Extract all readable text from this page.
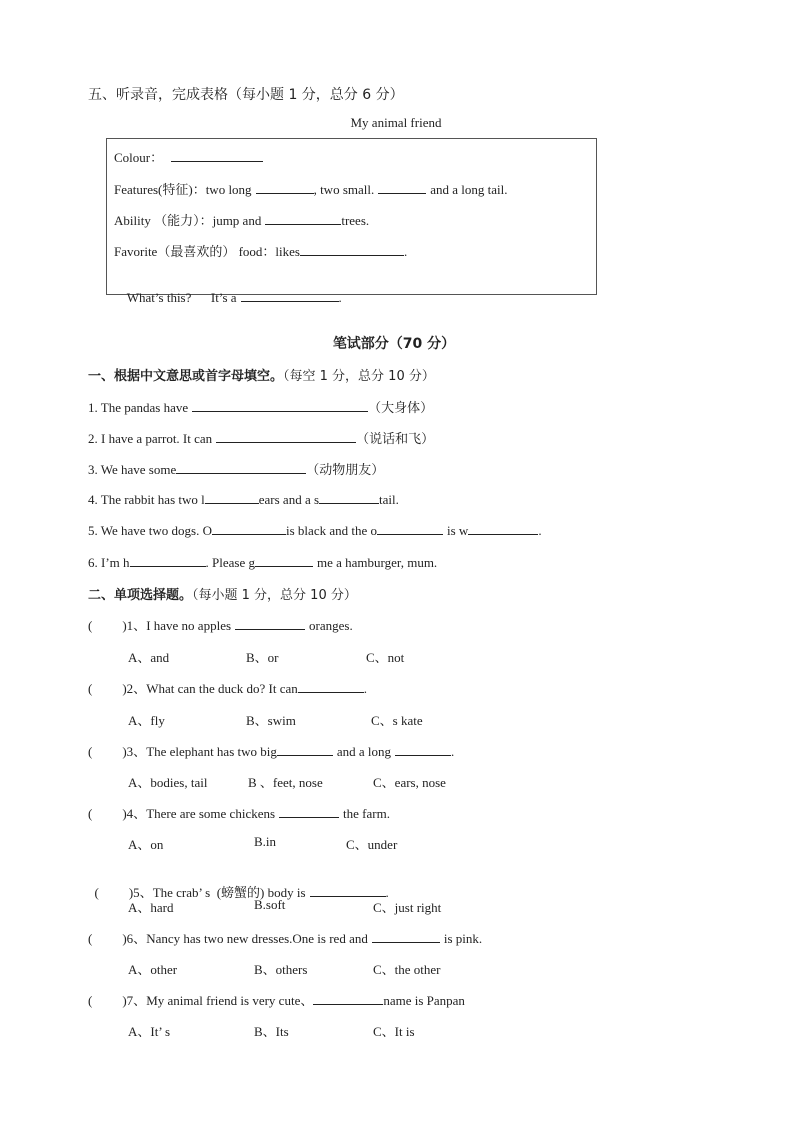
五、听录音，完成表格（每小题 1 分，总分 6 分）
My animal friend
Colour：
Features(特征)：two long	, two small.	and a long tail.
Ability （能力）：jump and	trees.
Favorite（最喜欢的） food：likes	.

What’s this?      It’s a	.

笔试部分（70 分）
一、根据中文意思或首字母填空。（每空 1 分，总分 10 分）
1. The pandas have	（大身体）
2. I have a parrot. It can	（说话和飞）
3. We have some	（动物朋友）
4. The rabbit has two l	ears and a s	tail.
5. We have two dogs. O	is black and the o	is w	.
6. I’m h	. Please g	me a hamburger, mum.
二、单项选择题。（每小题 1 分，总分 10 分）
( )1、I have no apples	oranges.
A、and	B、or	C、not
( )2、What can the duck do? It can	.
A、fly	B、swim	C、s kate
( )3、The elephant has two big	and a long	.
A、bodies, tail	B 、feet, nose	C、ears, nose
( )4、There are some chickens	the farm.
A、on	B.in	C、under

( )5、The crab’ s  (螃蟹的) body is	.

A、hard	B.soft	C、just right
( )6、Nancy has two new dresses.One is red and	is pink.
A、other	B、others	C、the other
( )7、My animal friend is very cute、	name is Panpan
A、It’ s	B、Its	C、It is
